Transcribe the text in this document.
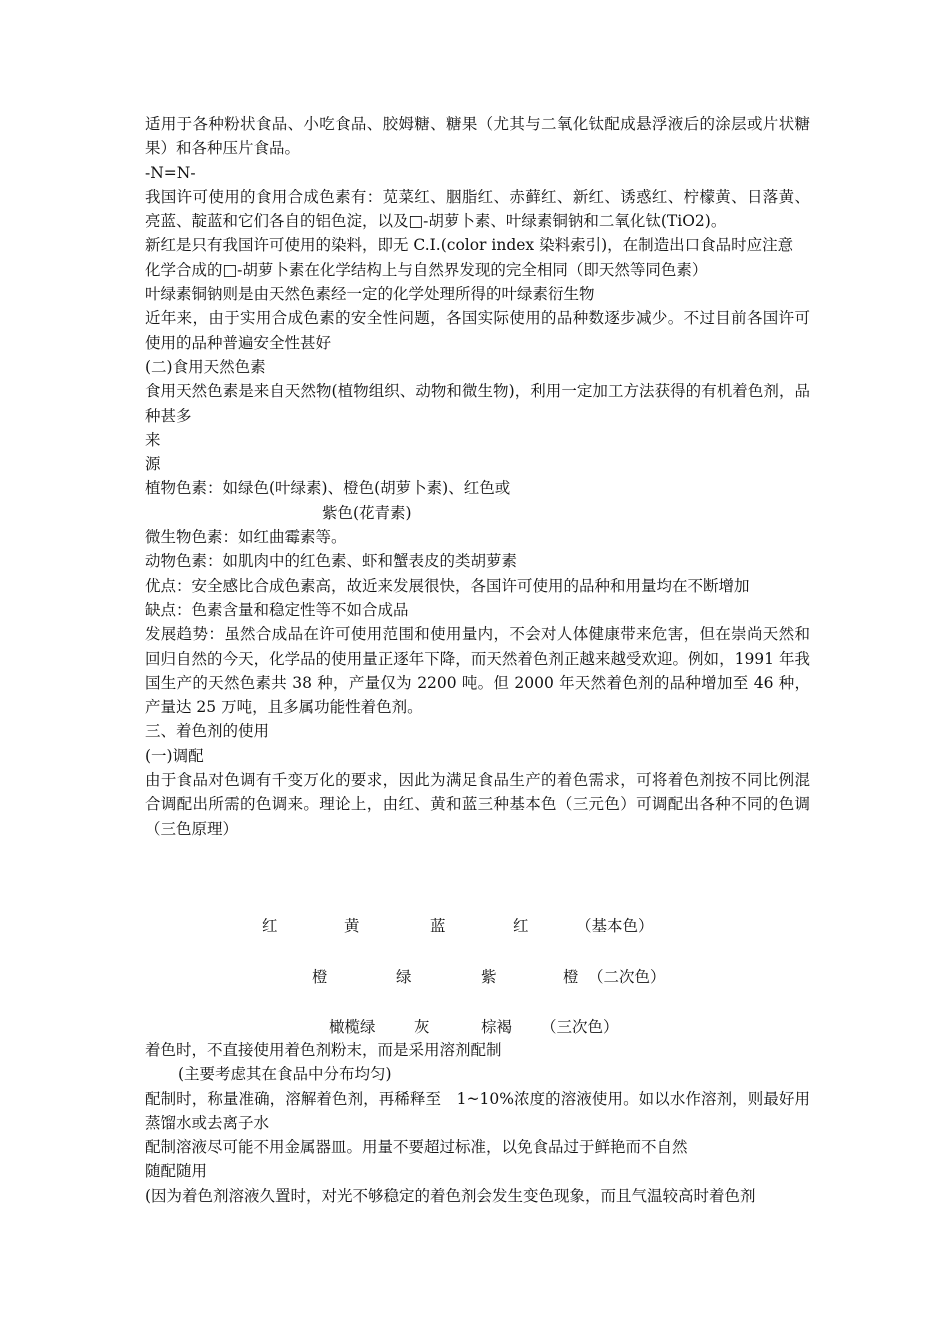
适用于各种粉状食品、小吃食品、胶姆糖、糖果（尤其与二氧化钛配成悬浮液后的涂层或片状糖果）和各种压片食品。

-N=N-

我国许可使用的食用合成色素有：苋菜红、胭脂红、赤藓红、新红、诱惑红、柠檬黄、日落黄、亮蓝、靛蓝和它们各自的铝色淀，以及□-胡萝卜素、叶绿素铜钠和二氧化钛(TiO2)。

新红是只有我国许可使用的染料，即无 C.I.(color index 染料索引)，在制造出口食品时应注意

化学合成的□-胡萝卜素在化学结构上与自然界发现的完全相同（即天然等同色素）

叶绿素铜钠则是由天然色素经一定的化学处理所得的叶绿素衍生物

近年来，由于实用合成色素的安全性问题，各国实际使用的品种数逐步减少。不过目前各国许可使用的品种普遍安全性甚好

(二)食用天然色素

食用天然色素是来自天然物(植物组织、动物和微生物)，利用一定加工方法获得的有机着色剂，品种甚多

来

源

植物色素：如绿色(叶绿素)、橙色(胡萝卜素)、红色或

紫色(花青素)

微生物色素：如红曲霉素等。

动物色素：如肌肉中的红色素、虾和蟹表皮的类胡萝素

优点：安全感比合成色素高，故近来发展很快，各国许可使用的品种和用量均在不断增加

缺点：色素含量和稳定性等不如合成品

发展趋势：虽然合成品在许可使用范围和使用量内，不会对人体健康带来危害，但在崇尚天然和回归自然的今天，化学品的使用量正逐年下降，而天然着色剂正越来越受欢迎。例如，1991 年我国生产的天然色素共 38 种，产量仅为 2200 吨。但 2000 年天然着色剂的品种增加至 46 种，产量达 25 万吨，且多属功能性着色剂。

三、着色剂的使用

(一)调配

由于食品对色调有千变万化的要求，因此为满足食品生产的着色需求，可将着色剂按不同比例混合调配出所需的色调来。理论上，由红、黄和蓝三种基本色（三元色）可调配出各种不同的色调（三色原理）

红	黄	蓝	红	（基本色）
橙	绿	紫	橙 （二次色）
橄榄绿 灰	棕褐 （三次色）

着色时，不直接使用着色剂粉末，而是采用溶剂配制

(主要考虑其在食品中分布均匀)

配制时，称量准确，溶解着色剂，再稀释至　1~10%浓度的溶液使用。如以水作溶剂，则最好用蒸馏水或去离子水

配制溶液尽可能不用金属器皿。用量不要超过标准，以免食品过于鲜艳而不自然

随配随用

(因为着色剂溶液久置时，对光不够稳定的着色剂会发生变色现象，而且气温较高时着色剂
